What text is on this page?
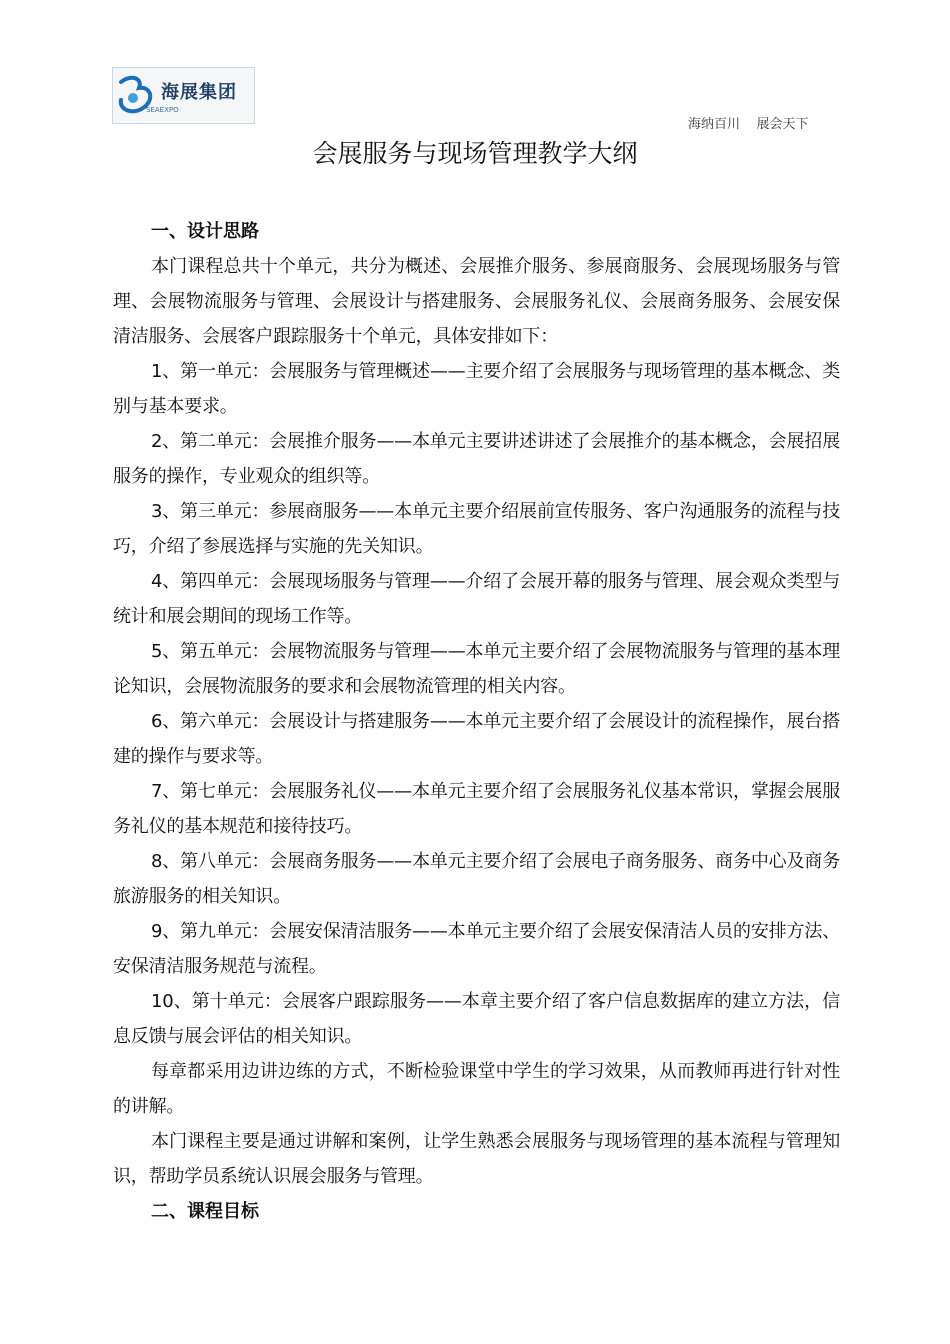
海展集团
SEAEXPO
海纳百川    展会天下
会展服务与现场管理教学大纲

一、设计思路

本门课程总共十个单元，共分为概述、会展推介服务、参展商服务、会展现场服务与管理、会展物流服务与管理、会展设计与搭建服务、会展服务礼仪、会展商务服务、会展安保清洁服务、会展客户跟踪服务十个单元，具体安排如下：

1、第一单元：会展服务与管理概述——主要介绍了会展服务与现场管理的基本概念、类别与基本要求。

2、第二单元：会展推介服务——本单元主要讲述讲述了会展推介的基本概念，会展招展服务的操作，专业观众的组织等。

3、第三单元：参展商服务——本单元主要介绍展前宣传服务、客户沟通服务的流程与技巧，介绍了参展选择与实施的先关知识。

4、第四单元：会展现场服务与管理——介绍了会展开幕的服务与管理、展会观众类型与统计和展会期间的现场工作等。

5、第五单元：会展物流服务与管理——本单元主要介绍了会展物流服务与管理的基本理论知识，会展物流服务的要求和会展物流管理的相关内容。

6、第六单元：会展设计与搭建服务——本单元主要介绍了会展设计的流程操作，展台搭建的操作与要求等。

7、第七单元：会展服务礼仪——本单元主要介绍了会展服务礼仪基本常识，掌握会展服务礼仪的基本规范和接待技巧。

8、第八单元：会展商务服务——本单元主要介绍了会展电子商务服务、商务中心及商务旅游服务的相关知识。

9、第九单元：会展安保清洁服务——本单元主要介绍了会展安保清洁人员的安排方法、安保清洁服务规范与流程。

10、第十单元：会展客户跟踪服务——本章主要介绍了客户信息数据库的建立方法，信息反馈与展会评估的相关知识。

每章都采用边讲边练的方式，不断检验课堂中学生的学习效果，从而教师再进行针对性的讲解。

本门课程主要是通过讲解和案例，让学生熟悉会展服务与现场管理的基本流程与管理知识，帮助学员系统认识展会服务与管理。

二、课程目标
